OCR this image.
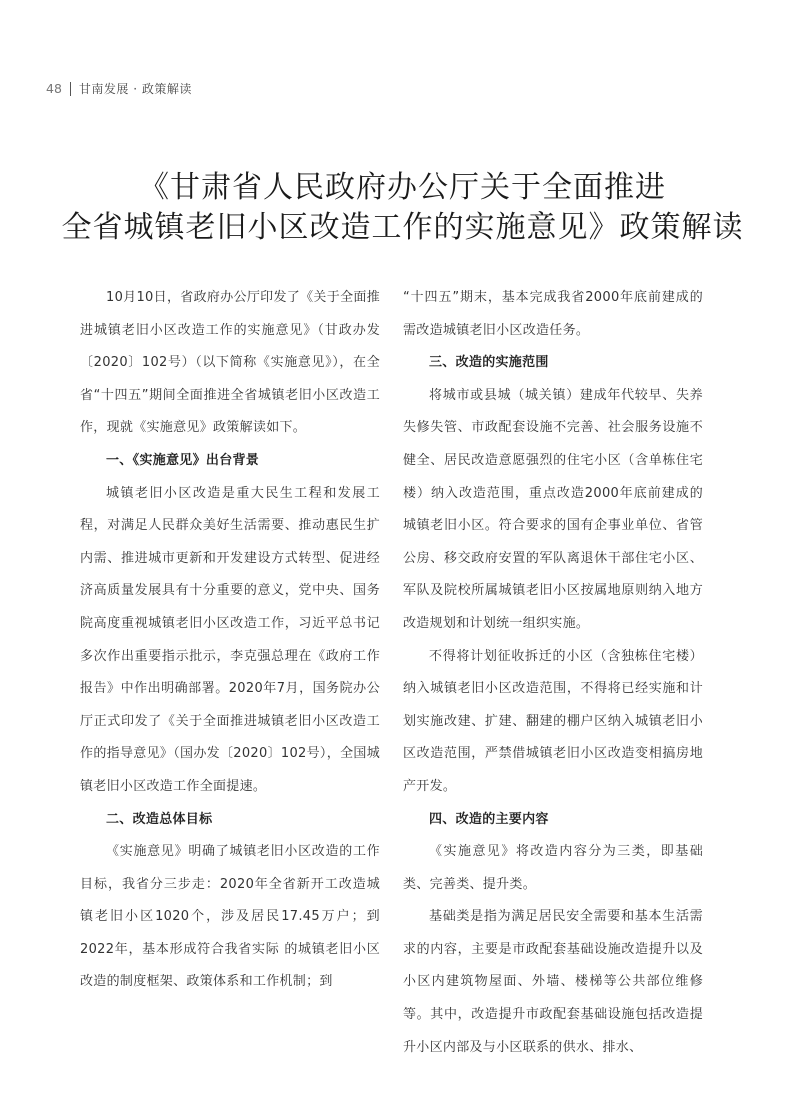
48 甘南发展 · 政策解读
《甘肃省人民政府办公厅关于全面推进
全省城镇老旧小区改造工作的实施意见》政策解读

10月10日，省政府办公厅印发了《关于全面推进城镇老旧小区改造工作的实施意见》（甘政办发〔2020〕102号）（以下简称《实施意见》），在全省“十四五”期间全面推进全省城镇老旧小区改造工作，现就《实施意见》政策解读如下。

一、《实施意见》出台背景

城镇老旧小区改造是重大民生工程和发展工程，对满足人民群众美好生活需要、推动惠民生扩内需、推进城市更新和开发建设方式转型、促进经济高质量发展具有十分重要的意义，党中央、国务院高度重视城镇老旧小区改造工作，习近平总书记多次作出重要指示批示，李克强总理在《政府工作报告》中作出明确部署。2020年7月，国务院办公厅正式印发了《关于全面推进城镇老旧小区改造工作的指导意见》（国办发〔2020〕102号），全国城镇老旧小区改造工作全面提速。

二、改造总体目标

《实施意见》明确了城镇老旧小区改造的工作目标，我省分三步走：2020年全省新开工改造城镇老旧小区1020个，涉及居民17.45万户；到2022年，基本形成符合我省实际 的城镇老旧小区改造的制度框架、政策体系和工作机制；到

“十四五”期末，基本完成我省2000年底前建成的需改造城镇老旧小区改造任务。

三、改造的实施范围

将城市或县城（城关镇）建成年代较早、失养失修失管、市政配套设施不完善、社会服务设施不健全、居民改造意愿强烈的住宅小区（含单栋住宅楼）纳入改造范围，重点改造2000年底前建成的城镇老旧小区。符合要求的国有企事业单位、省管公房、移交政府安置的军队离退休干部住宅小区、军队及院校所属城镇老旧小区按属地原则纳入地方改造规划和计划统一组织实施。

不得将计划征收拆迁的小区（含独栋住宅楼）纳入城镇老旧小区改造范围，不得将已经实施和计划实施改建、扩建、翻建的棚户区纳入城镇老旧小区改造范围，严禁借城镇老旧小区改造变相搞房地产开发。

四、改造的主要内容

《实施意见》将改造内容分为三类，即基础类、完善类、提升类。

基础类是指为满足居民安全需要和基本生活需求的内容，主要是市政配套基础设施改造提升以及小区内建筑物屋面、外墙、楼梯等公共部位维修等。其中，改造提升市政配套基础设施包括改造提升小区内部及与小区联系的供水、排水、
